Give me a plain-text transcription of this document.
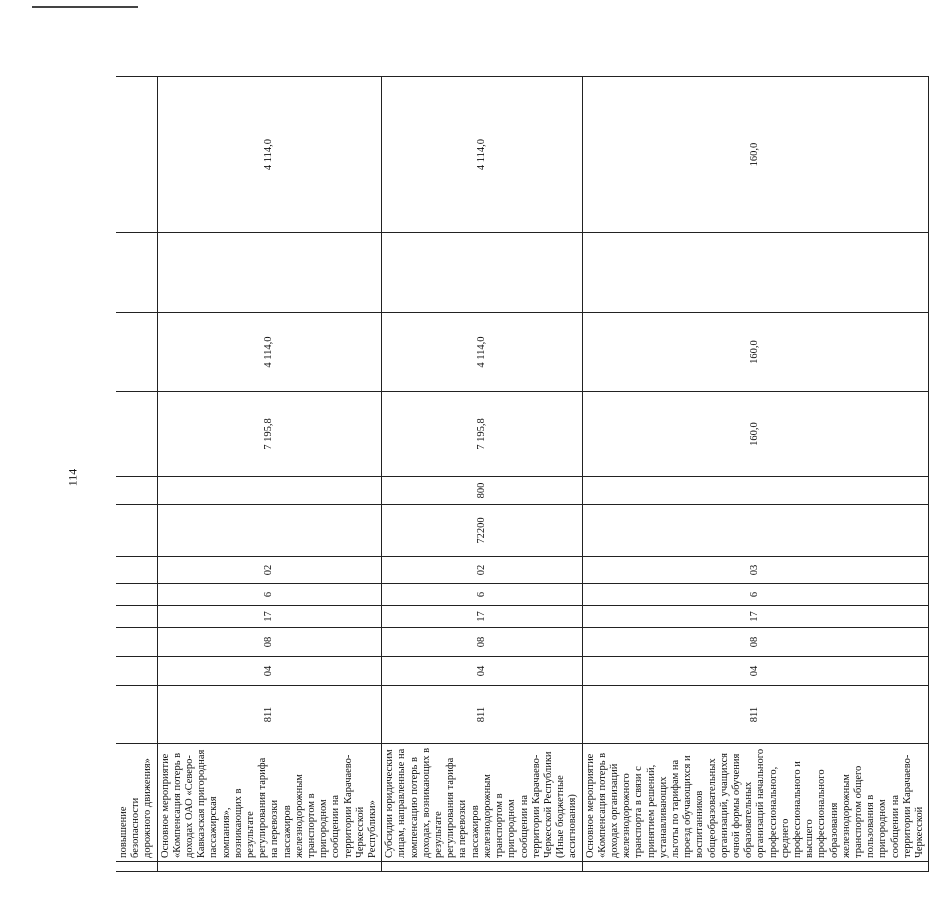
114
	повышение безопасности дорожного движения»												
	Основное мероприятие «Компенсация потерь в доходах ОАО «Северо-Кавказская пригородная пассажирская компания», возникающих в результате регулирования тарифа на перевозки пассажиров железнодорожным транспортом в пригородном сообщении на территории Карачаево-Черкесской Республики»	811	04	08	17	6	02			7 195,8	4 114,0		4 114,0
	Субсидии юридическим лицам, направленные на компенсацию потерь в доходах, возникающих в результате регулирования тарифа на перевозки пассажиров железнодорожным транспортом в пригородном сообщении на территории Карачаево-Черкесской Республики (Иные бюджетные ассигнования)	811	04	08	17	6	02	72200	800	7 195,8	4 114,0		4 114,0
	Основное мероприятие «Компенсация потерь в доходах организаций железнодорожного транспорта в связи с принятием решений, устанавливающих льготы по тарифам на проезд обучающихся и воспитанников общеобразовательных организаций, учащихся очной формы обучения образовательных организаций начального профессионального, среднего профессионального и высшего профессионального образования железнодорожным транспортом общего пользования в пригородном сообщении на территории Карачаево-Черкесской	811	04	08	17	6	03			160,0	160,0		160,0
